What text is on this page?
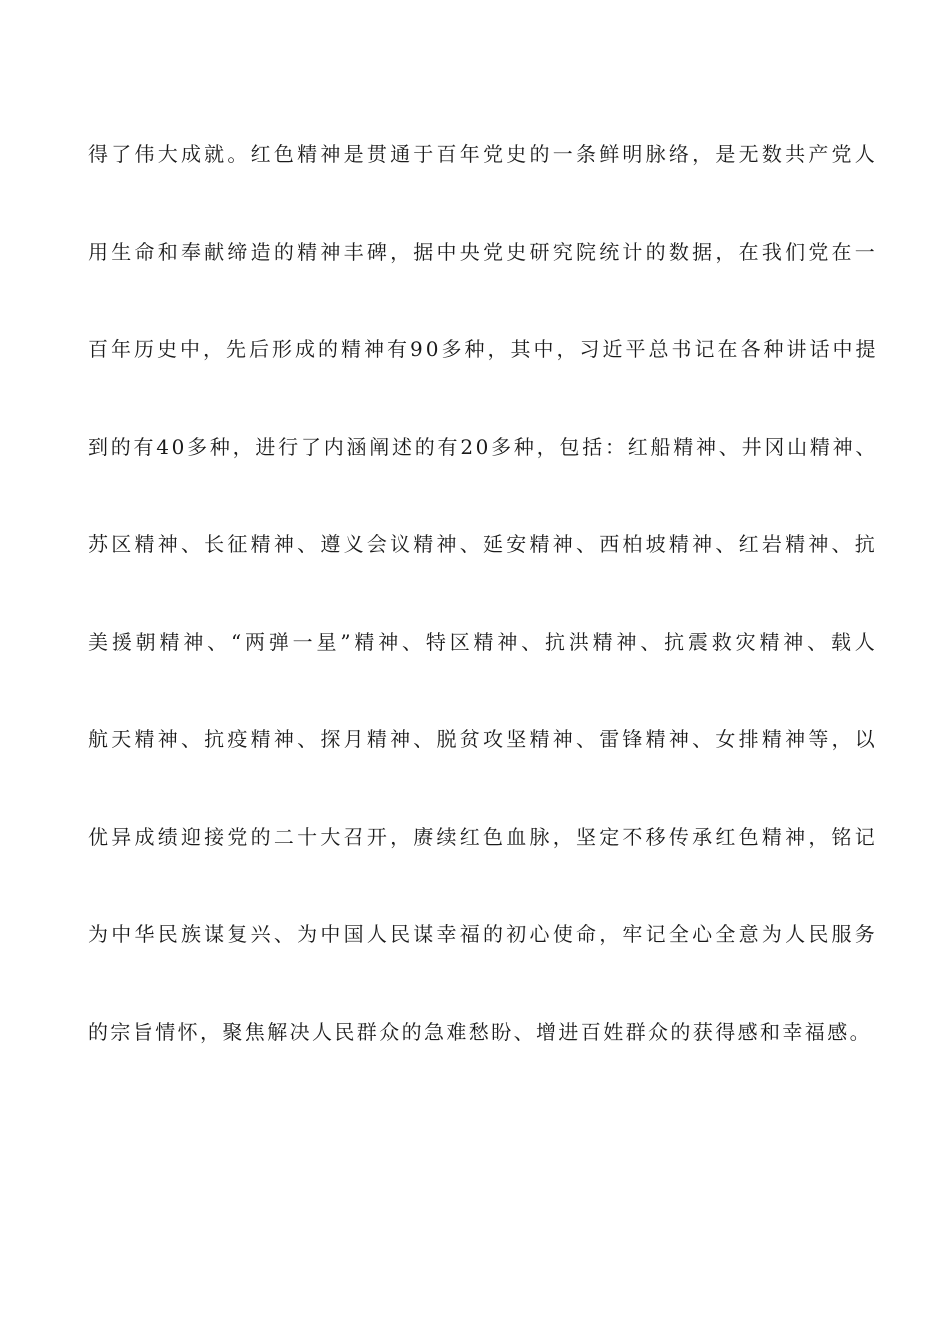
得了伟大成就。红色精神是贯通于百年党史的一条鲜明脉络，是无数共产党人
用生命和奉献缔造的精神丰碑，据中央党史研究院统计的数据，在我们党在一
百年历史中，先后形成的精神有90多种，其中，习近平总书记在各种讲话中提
到的有40多种，进行了内涵阐述的有20多种，包括：红船精神、井冈山精神、
苏区精神、长征精神、遵义会议精神、延安精神、西柏坡精神、红岩精神、抗
美援朝精神、“两弹一星”精神、特区精神、抗洪精神、抗震救灾精神、载人
航天精神、抗疫精神、探月精神、脱贫攻坚精神、雷锋精神、女排精神等，以
优异成绩迎接党的二十大召开，赓续红色血脉，坚定不移传承红色精神，铭记
为中华民族谋复兴、为中国人民谋幸福的初心使命，牢记全心全意为人民服务
的宗旨情怀，聚焦解决人民群众的急难愁盼、增进百姓群众的获得感和幸福感。
